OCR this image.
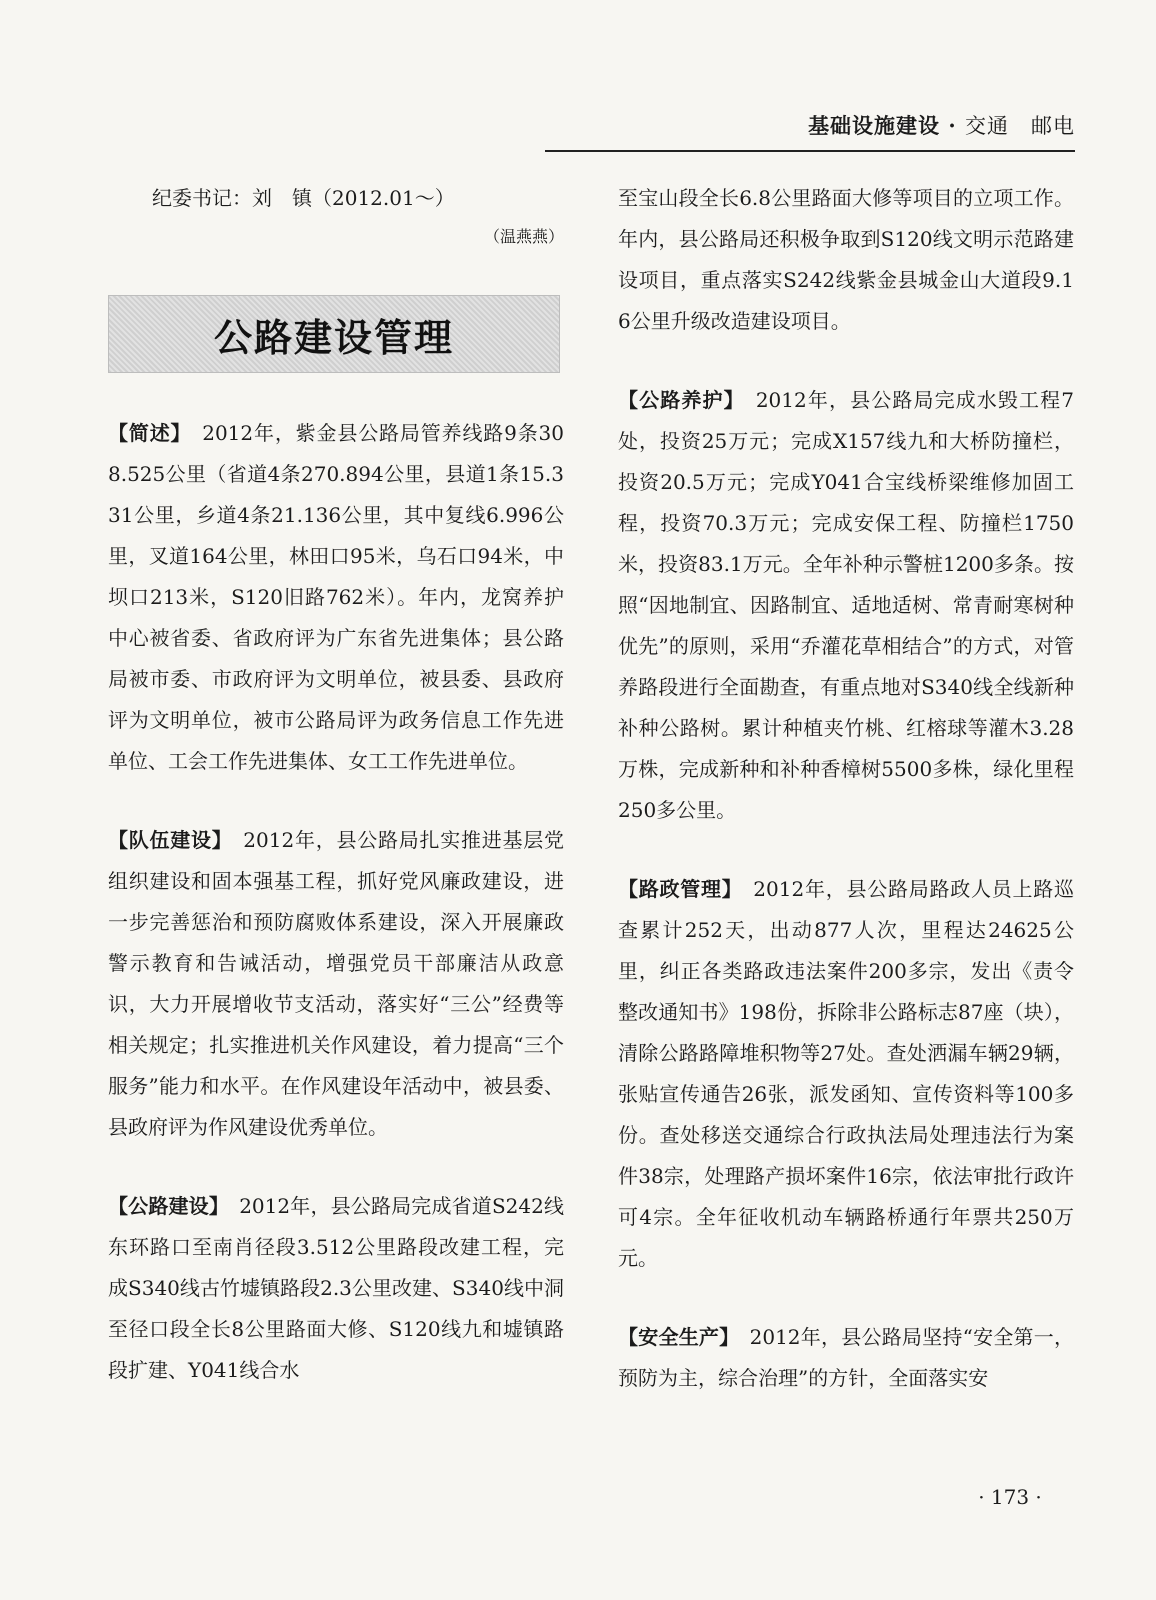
基础设施建设 · 交通　邮电
纪委书记：刘　镇（2012.01～）
（温燕燕）
公路建设管理

【简述】　2012年，紫金县公路局管养线路9条308.525公里（省道4条270.894公里，县道1条15.331公里，乡道4条21.136公里，其中复线6.996公里，叉道164公里，林田口95米，乌石口94米，中坝口213米，S120旧路762米）。年内，龙窝养护中心被省委、省政府评为广东省先进集体；县公路局被市委、市政府评为文明单位，被县委、县政府评为文明单位，被市公路局评为政务信息工作先进单位、工会工作先进集体、女工工作先进单位。

【队伍建设】　2012年，县公路局扎实推进基层党组织建设和固本强基工程，抓好党风廉政建设，进一步完善惩治和预防腐败体系建设，深入开展廉政警示教育和告诫活动，增强党员干部廉洁从政意识，大力开展增收节支活动，落实好“三公”经费等相关规定；扎实推进机关作风建设，着力提高“三个服务”能力和水平。在作风建设年活动中，被县委、县政府评为作风建设优秀单位。

【公路建设】　2012年，县公路局完成省道S242线东环路口至南肖径段3.512公里路段改建工程，完成S340线古竹墟镇路段2.3公里改建、S340线中洞至径口段全长8公里路面大修、S120线九和墟镇路段扩建、Y041线合水

至宝山段全长6.8公里路面大修等项目的立项工作。年内，县公路局还积极争取到S120线文明示范路建设项目，重点落实S242线紫金县城金山大道段9.16公里升级改造建设项目。

【公路养护】　2012年，县公路局完成水毁工程7处，投资25万元；完成X157线九和大桥防撞栏，投资20.5万元；完成Y041合宝线桥梁维修加固工程，投资70.3万元；完成安保工程、防撞栏1750米，投资83.1万元。全年补种示警桩1200多条。按照“因地制宜、因路制宜、适地适树、常青耐寒树种优先”的原则，采用“乔灌花草相结合”的方式，对管养路段进行全面勘查，有重点地对S340线全线新种补种公路树。累计种植夹竹桃、红榕球等灌木3.28万株，完成新种和补种香樟树5500多株，绿化里程250多公里。

【路政管理】　2012年，县公路局路政人员上路巡查累计252天，出动877人次，里程达24625公里，纠正各类路政违法案件200多宗，发出《责令整改通知书》198份，拆除非公路标志87座（块），清除公路路障堆积物等27处。查处洒漏车辆29辆，张贴宣传通告26张，派发函知、宣传资料等100多份。查处移送交通综合行政执法局处理违法行为案件38宗，处理路产损坏案件16宗，依法审批行政许可4宗。全年征收机动车辆路桥通行年票共250万元。

【安全生产】　2012年，县公路局坚持“安全第一，预防为主，综合治理”的方针，全面落实安

· 173 ·
